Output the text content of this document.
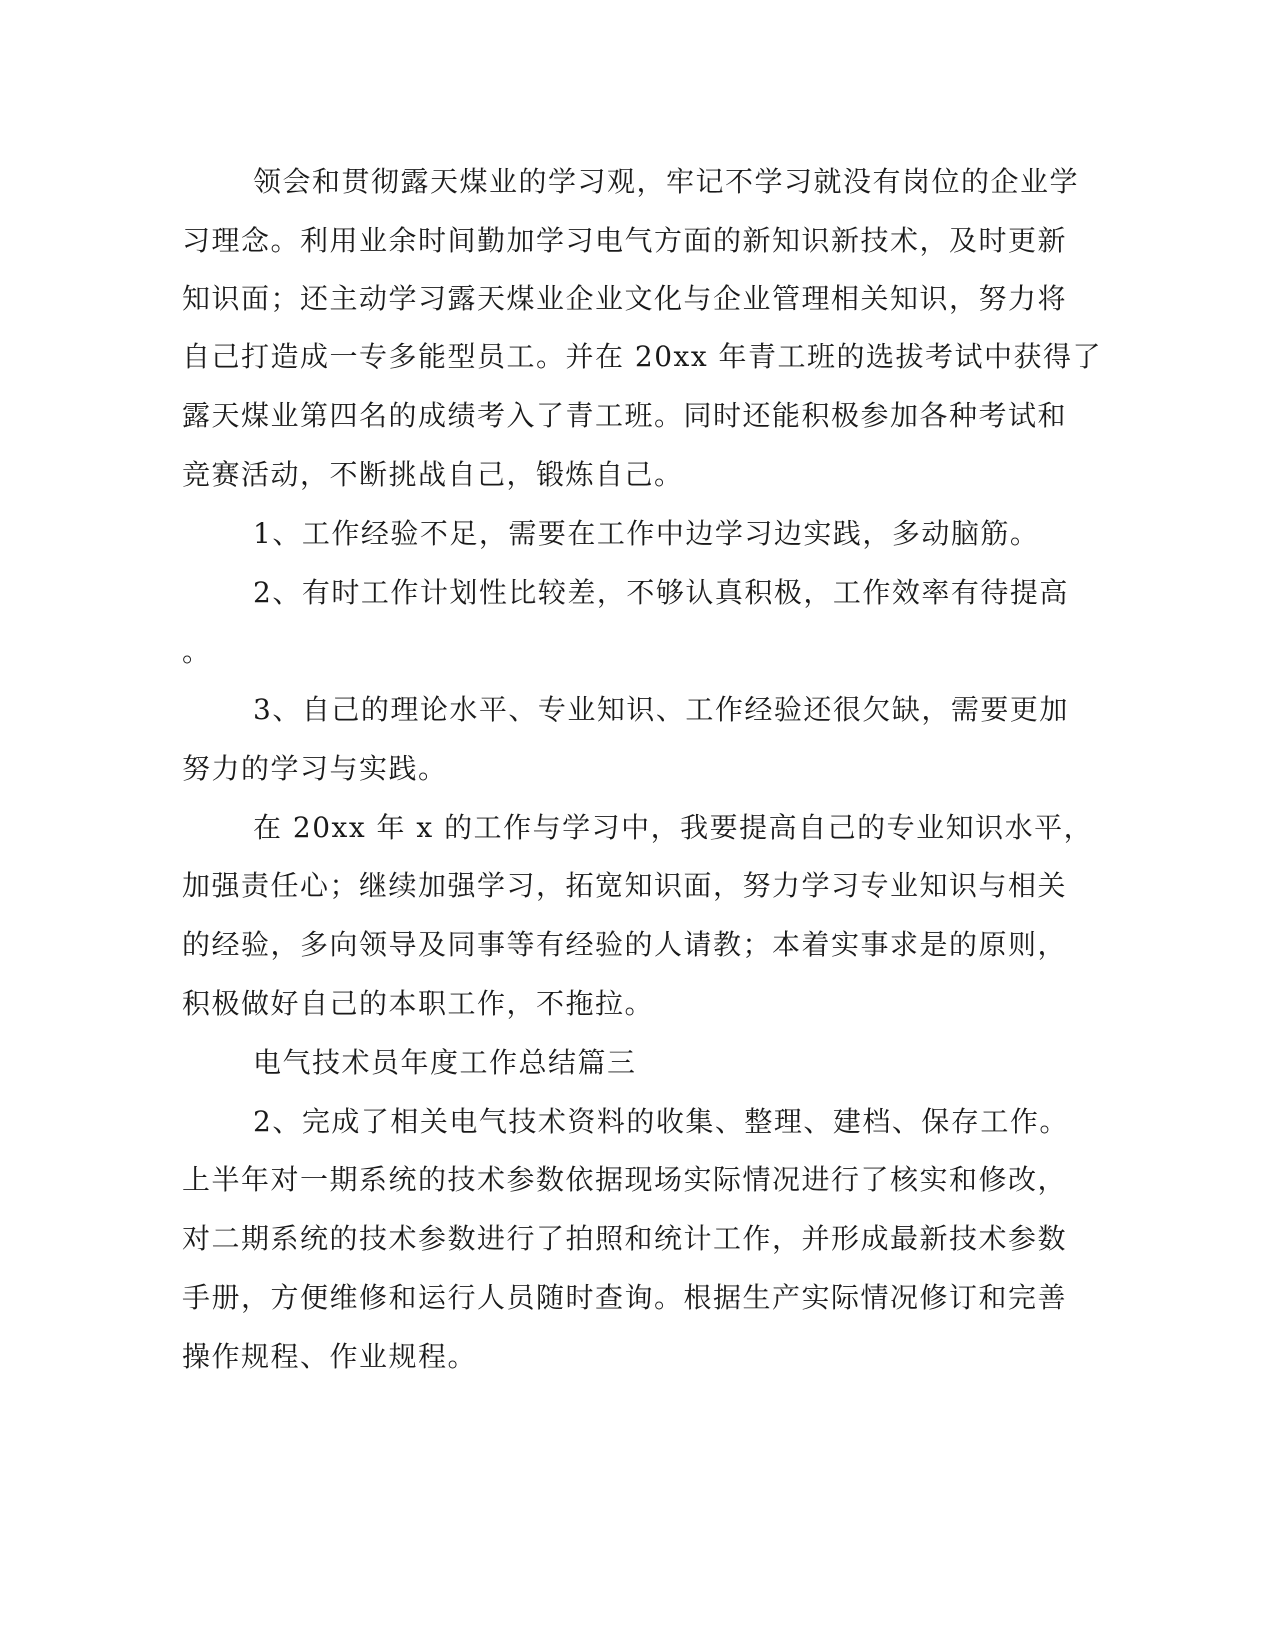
领会和贯彻露天煤业的学习观，牢记不学习就没有岗位的企业学
习理念。利用业余时间勤加学习电气方面的新知识新技术，及时更新
知识面；还主动学习露天煤业企业文化与企业管理相关知识，努力将
自己打造成一专多能型员工。并在 20xx 年青工班的选拔考试中获得了
露天煤业第四名的成绩考入了青工班。同时还能积极参加各种考试和
竞赛活动，不断挑战自己，锻炼自己。
1、工作经验不足，需要在工作中边学习边实践，多动脑筋。
2、有时工作计划性比较差，不够认真积极，工作效率有待提高
。
3、自己的理论水平、专业知识、工作经验还很欠缺，需要更加
努力的学习与实践。
在 20xx 年 x 的工作与学习中，我要提高自己的专业知识水平，
加强责任心；继续加强学习，拓宽知识面，努力学习专业知识与相关
的经验，多向领导及同事等有经验的人请教；本着实事求是的原则，
积极做好自己的本职工作，不拖拉。
电气技术员年度工作总结篇三
2、完成了相关电气技术资料的收集、整理、建档、保存工作。
上半年对一期系统的技术参数依据现场实际情况进行了核实和修改，
对二期系统的技术参数进行了拍照和统计工作，并形成最新技术参数
手册，方便维修和运行人员随时查询。根据生产实际情况修订和完善
操作规程、作业规程。
